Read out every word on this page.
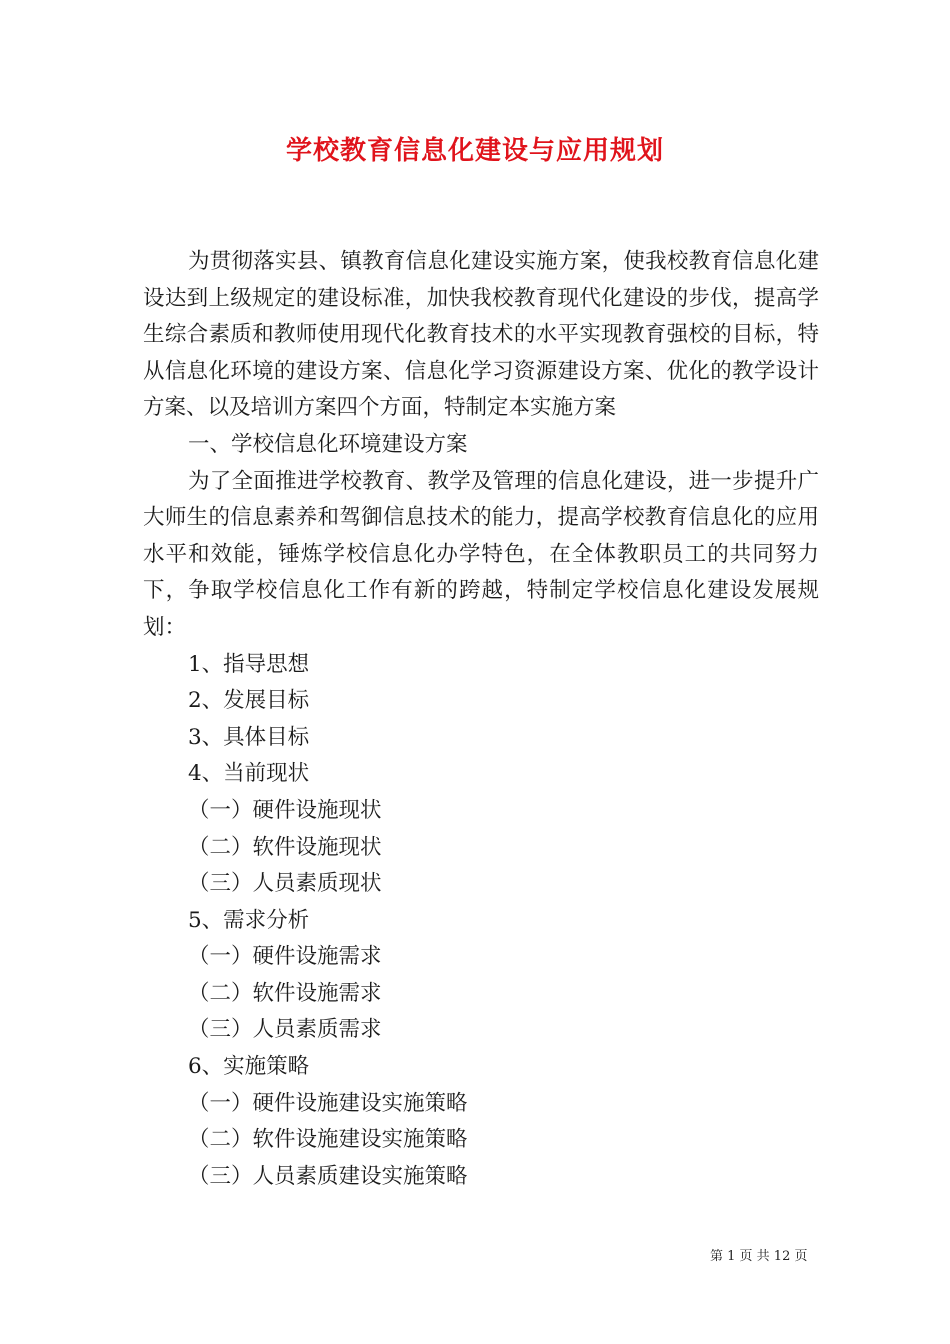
学校教育信息化建设与应用规划

为贯彻落实县、镇教育信息化建设实施方案，使我校教育信息化建设达到上级规定的建设标准，加快我校教育现代化建设的步伐，提高学生综合素质和教师使用现代化教育技术的水平实现教育强校的目标，特从信息化环境的建设方案、信息化学习资源建设方案、优化的教学设计方案、以及培训方案四个方面，特制定本实施方案

一、学校信息化环境建设方案

为了全面推进学校教育、教学及管理的信息化建设，进一步提升广大师生的信息素养和驾御信息技术的能力，提高学校教育信息化的应用水平和效能，锤炼学校信息化办学特色，在全体教职员工的共同努力下，争取学校信息化工作有新的跨越，特制定学校信息化建设发展规划：

1、指导思想

2、发展目标

3、具体目标

4、当前现状

（一）硬件设施现状

（二）软件设施现状

（三）人员素质现状

5、需求分析

（一）硬件设施需求

（二）软件设施需求

（三）人员素质需求

6、实施策略

（一）硬件设施建设实施策略

（二）软件设施建设实施策略

（三）人员素质建设实施策略

第 1 页 共 12 页
